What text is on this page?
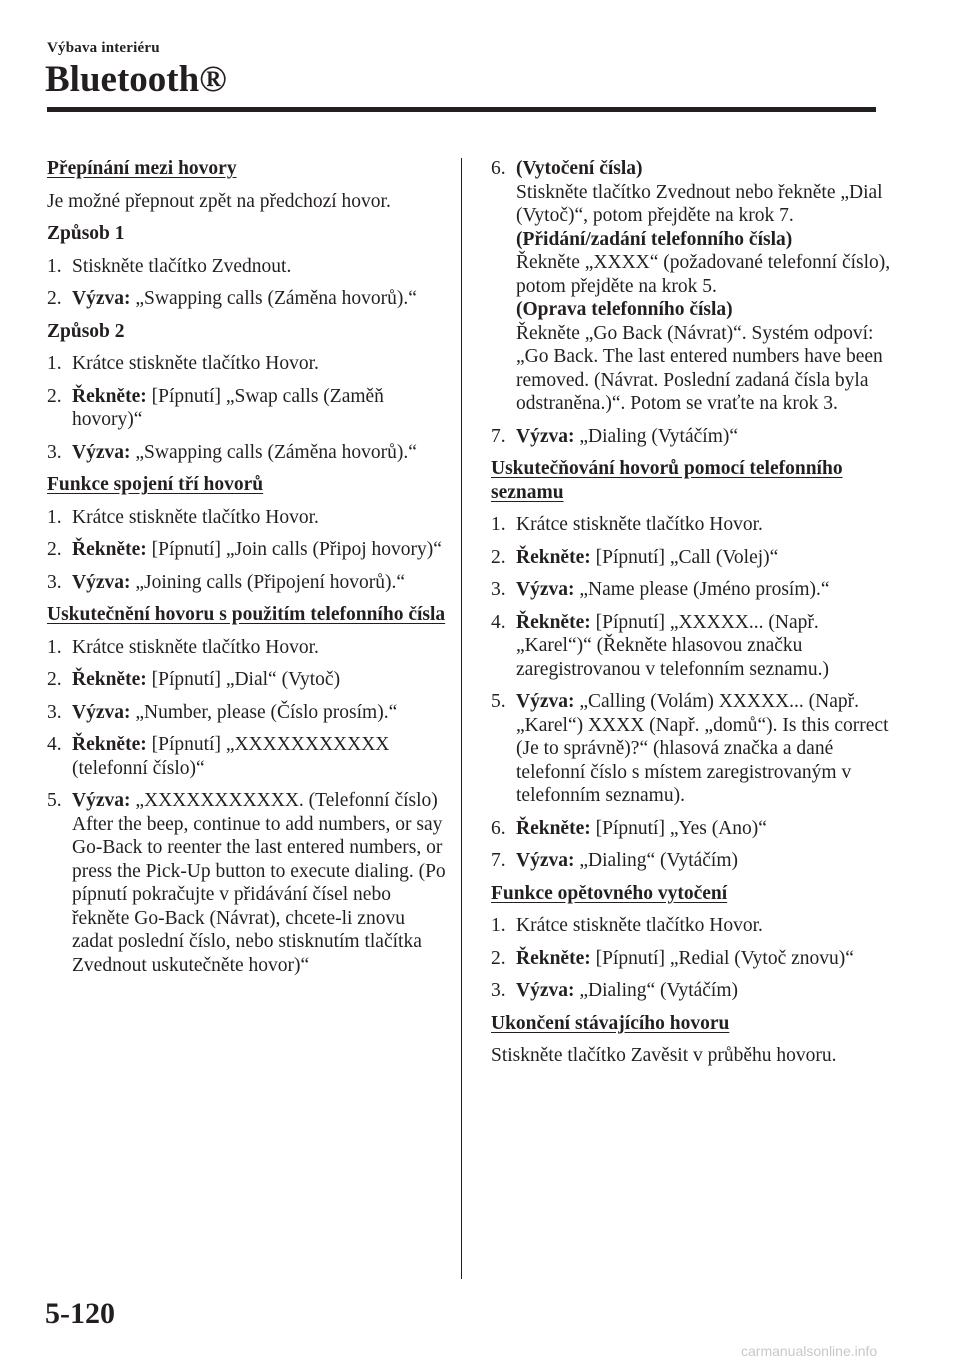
Výbava interiéru
Bluetooth®
Přepínání mezi hovory
Je možné přepnout zpět na předchozí hovor.
Způsob 1
1. Stiskněte tlačítko Zvednout.
2. Výzva: „Swapping calls (Záměna hovorů).“
Způsob 2
1. Krátce stiskněte tlačítko Hovor.
2. Řekněte: [Pípnutí] „Swap calls (Zaměň hovory)“
3. Výzva: „Swapping calls (Záměna hovorů).“
Funkce spojení tří hovorů
1. Krátce stiskněte tlačítko Hovor.
2. Řekněte: [Pípnutí] „Join calls (Připoj hovory)“
3. Výzva: „Joining calls (Připojení hovorů).“
Uskutečnění hovoru s použitím telefonního čísla
1. Krátce stiskněte tlačítko Hovor.
2. Řekněte: [Pípnutí] „Dial“ (Vytoč)
3. Výzva: „Number, please (Číslo prosím).“
4. Řekněte: [Pípnutí] „XXXXXXXXXXX (telefonní číslo)“
5. Výzva: „XXXXXXXXXXX. (Telefonní číslo) After the beep, continue to add numbers, or say Go-Back to reenter the last entered numbers, or press the Pick-Up button to execute dialing. (Po pípnutí pokračujte v přidávání čísel nebo řekněte Go-Back (Návrat), chcete-li znovu zadat poslední číslo, nebo stisknutím tlačítka Zvednout uskutečněte hovor)“
6. (Vytočení čísla)
Stiskněte tlačítko Zvednout nebo řekněte „Dial (Vytoč)“, potom přejděte na krok 7.
(Přidání/zadání telefonního čísla)
Řekněte „XXXX“ (požadované telefonní číslo), potom přejděte na krok 5.
(Oprava telefonního čísla)
Řekněte „Go Back (Návrat)“. Systém odpoví: „Go Back. The last entered numbers have been removed. (Návrat. Poslední zadaná čísla byla odstraněna.)“. Potom se vraťte na krok 3.
7. Výzva: „Dialing (Vytáčím)“
Uskutečňování hovorů pomocí telefonního seznamu
1. Krátce stiskněte tlačítko Hovor.
2. Řekněte: [Pípnutí] „Call (Volej)“
3. Výzva: „Name please (Jméno prosím).“
4. Řekněte: [Pípnutí] „XXXXX... (Např. „Karel“)“ (Řekněte hlasovou značku zaregistrovanou v telefonním seznamu.)
5. Výzva: „Calling (Volám) XXXXX... (Např. „Karel“) XXXX (Např. „domů“). Is this correct (Je to správně)?“ (hlasová značka a dané telefonní číslo s místem zaregistrovaným v telefonním seznamu).
6. Řekněte: [Pípnutí] „Yes (Ano)“
7. Výzva: „Dialing“ (Vytáčím)
Funkce opětovného vytočení
1. Krátce stiskněte tlačítko Hovor.
2. Řekněte: [Pípnutí] „Redial (Vytoč znovu)“
3. Výzva: „Dialing“ (Vytáčím)
Ukončení stávajícího hovoru
Stiskněte tlačítko Zavěsit v průběhu hovoru.
5-120
carmanualsonline.info
